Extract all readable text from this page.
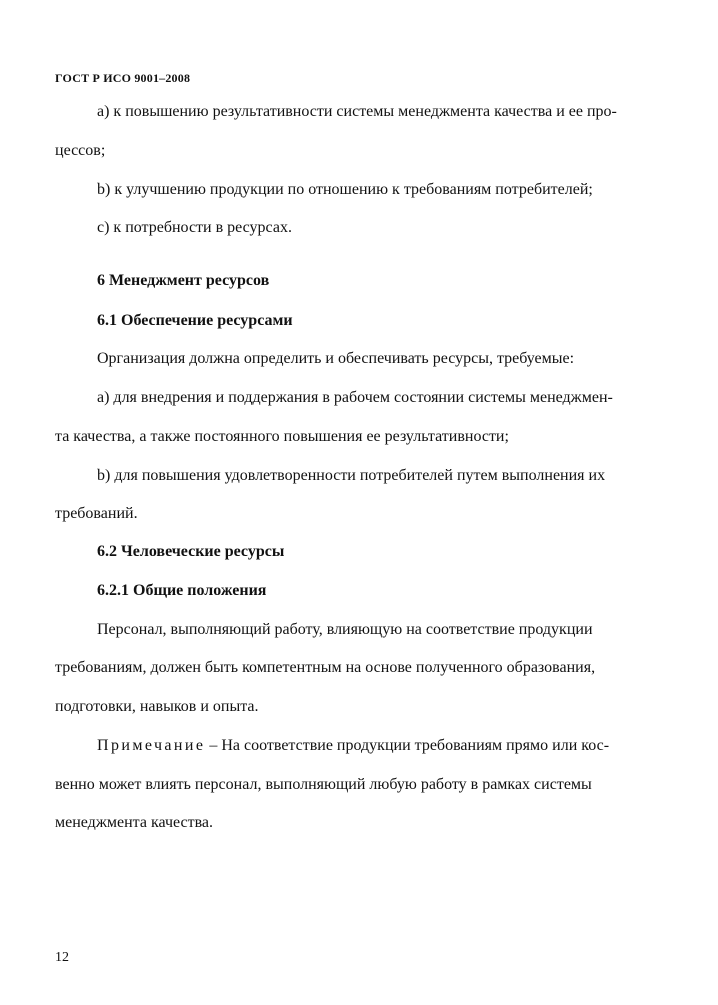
ГОСТ Р ИСО 9001–2008
a) к повышению результативности системы менеджмента качества и ее про-
цессов;
b) к улучшению продукции по отношению к требованиям потребителей;
c) к потребности в ресурсах.
6 Менеджмент ресурсов
6.1 Обеспечение ресурсами
Организация должна определить и обеспечивать ресурсы, требуемые:
a) для внедрения и поддержания в рабочем состоянии системы менеджмен-
та качества, а также постоянного повышения ее результативности;
b) для повышения удовлетворенности потребителей путем выполнения их
требований.
6.2 Человеческие ресурсы
6.2.1 Общие положения
Персонал, выполняющий работу, влияющую на соответствие продукции
требованиям, должен быть компетентным на основе полученного образования,
подготовки, навыков и опыта.
Примечание – На соответствие продукции требованиям прямо или кос-
венно может влиять персонал, выполняющий любую работу в рамках системы
менеджмента качества.
12
